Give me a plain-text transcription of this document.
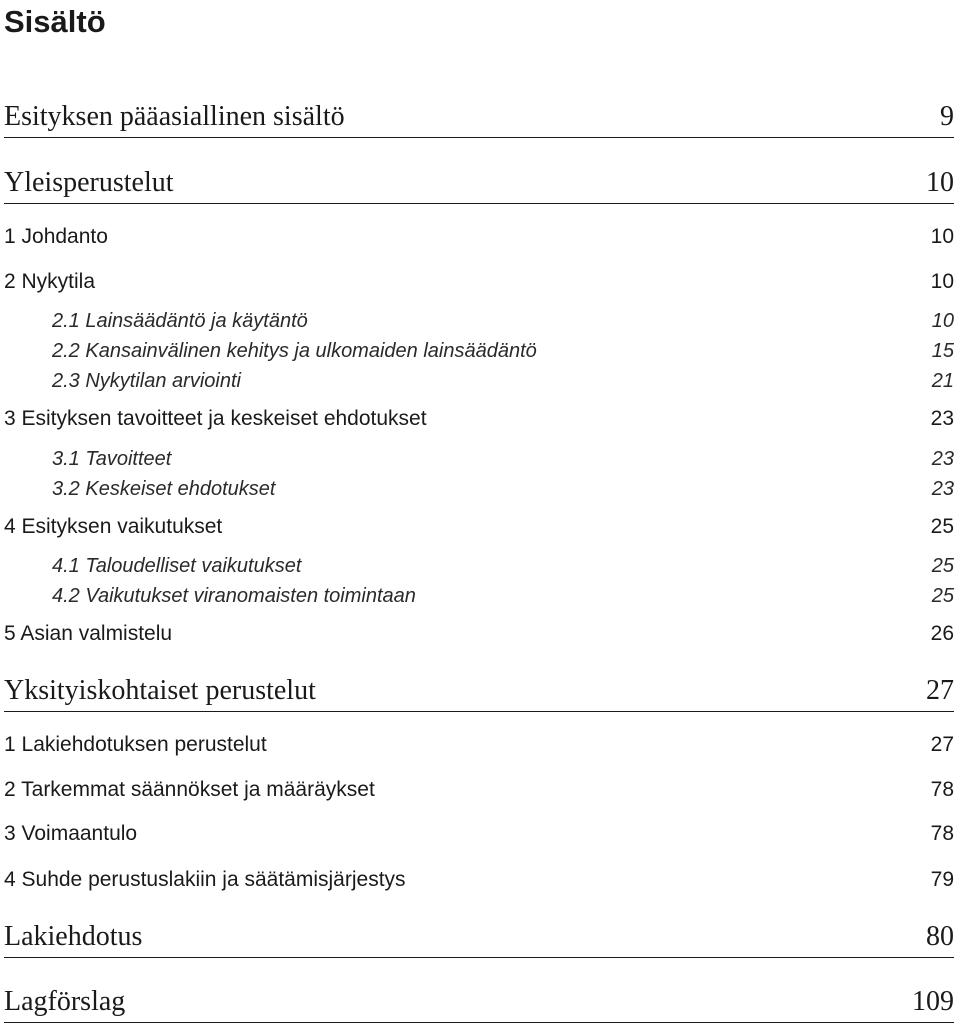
Sisältö
Esityksen pääasiallinen sisältö	9
Yleisperustelut	10
1 Johdanto	10
2 Nykytila	10
2.1 Lainsäädäntö ja käytäntö	10
2.2 Kansainvälinen kehitys ja ulkomaiden lainsäädäntö	15
2.3 Nykytilan arviointi	21
3 Esityksen tavoitteet ja keskeiset ehdotukset	23
3.1 Tavoitteet	23
3.2 Keskeiset ehdotukset	23
4 Esityksen vaikutukset	25
4.1 Taloudelliset vaikutukset	25
4.2 Vaikutukset viranomaisten toimintaan	25
5 Asian valmistelu	26
Yksityiskohtaiset perustelut	27
1 Lakiehdotuksen perustelut	27
2 Tarkemmat säännökset ja määräykset	78
3 Voimaantulo	78
4 Suhde perustuslakiin ja säätämisjärjestys	79
Lakiehdotus	80
Lagförslag	109
